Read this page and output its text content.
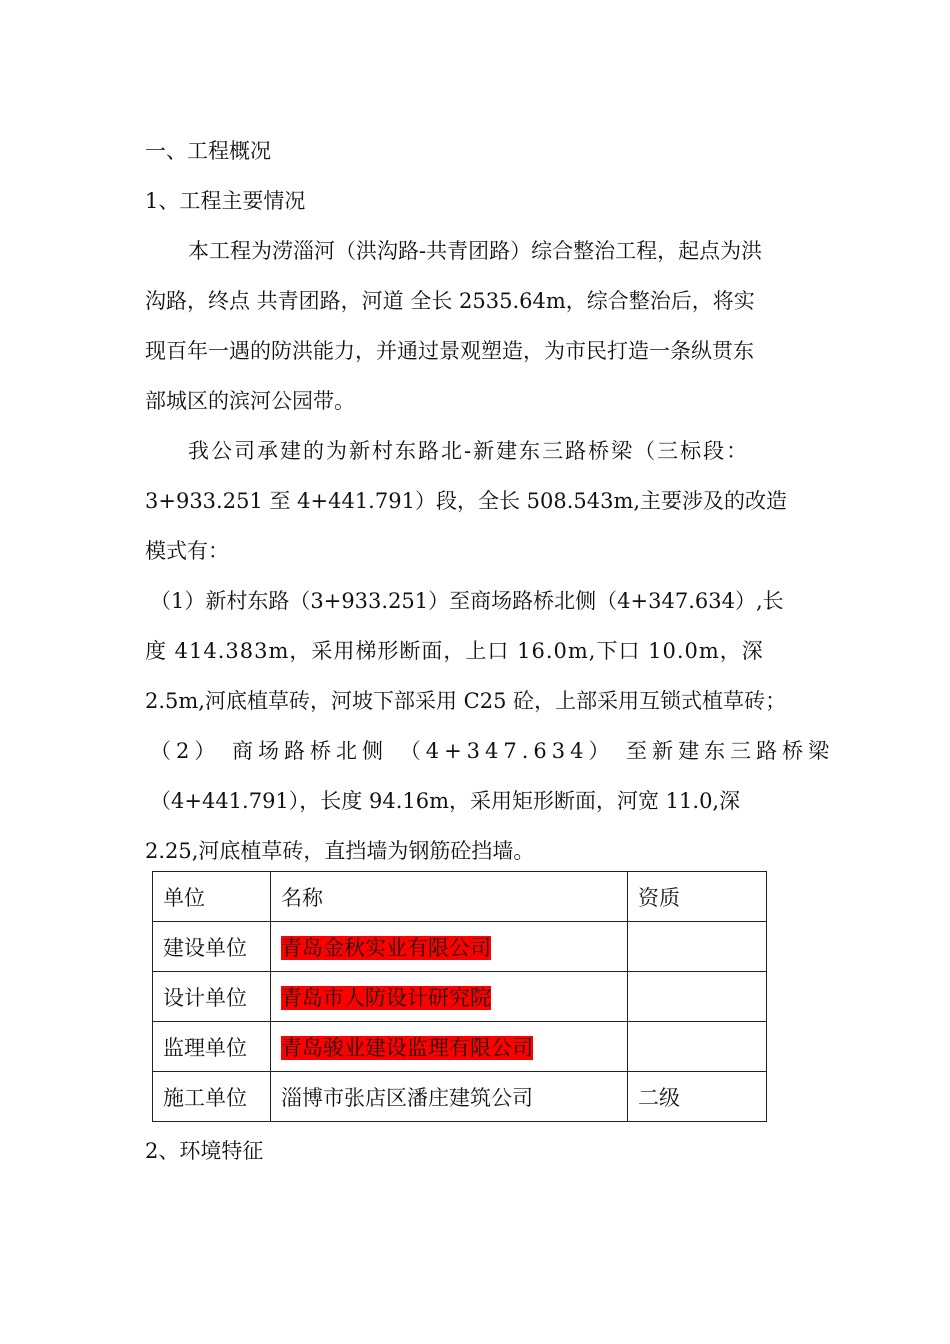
一、工程概况
1、工程主要情况
本工程为涝淄河（洪沟路-共青团路）综合整治工程，起点为洪
沟路，终点 共青团路，河道 全长 2535.64m，综合整治后，将实
现百年一遇的防洪能力，并通过景观塑造，为市民打造一条纵贯东
部城区的滨河公园带。
我公司承建的为新村东路北-新建东三路桥梁（三标段：
3+933.251 至 4+441.791）段，全长 508.543m,主要涉及的改造
模式有：
（1）新村东路（3+933.251）至商场路桥北侧（4+347.634）,长
度 414.383m，采用梯形断面，上口 16.0m,下口 10.0m，深
2.5m,河底植草砖，河坡下部采用 C25 砼，上部采用互锁式植草砖；
（2） 商场路桥北侧 （4+347.634） 至新建东三路桥梁
（4+441.791），长度 94.16m，采用矩形断面，河宽 11.0,深
2.25,河底植草砖，直挡墙为钢筋砼挡墙。
单位	名称	资质
建设单位	青岛金秋实业有限公司	
设计单位	青岛市人防设计研究院	
监理单位	青岛骏业建设监理有限公司	
施工单位	淄博市张店区潘庄建筑公司	二级
2、环境特征
